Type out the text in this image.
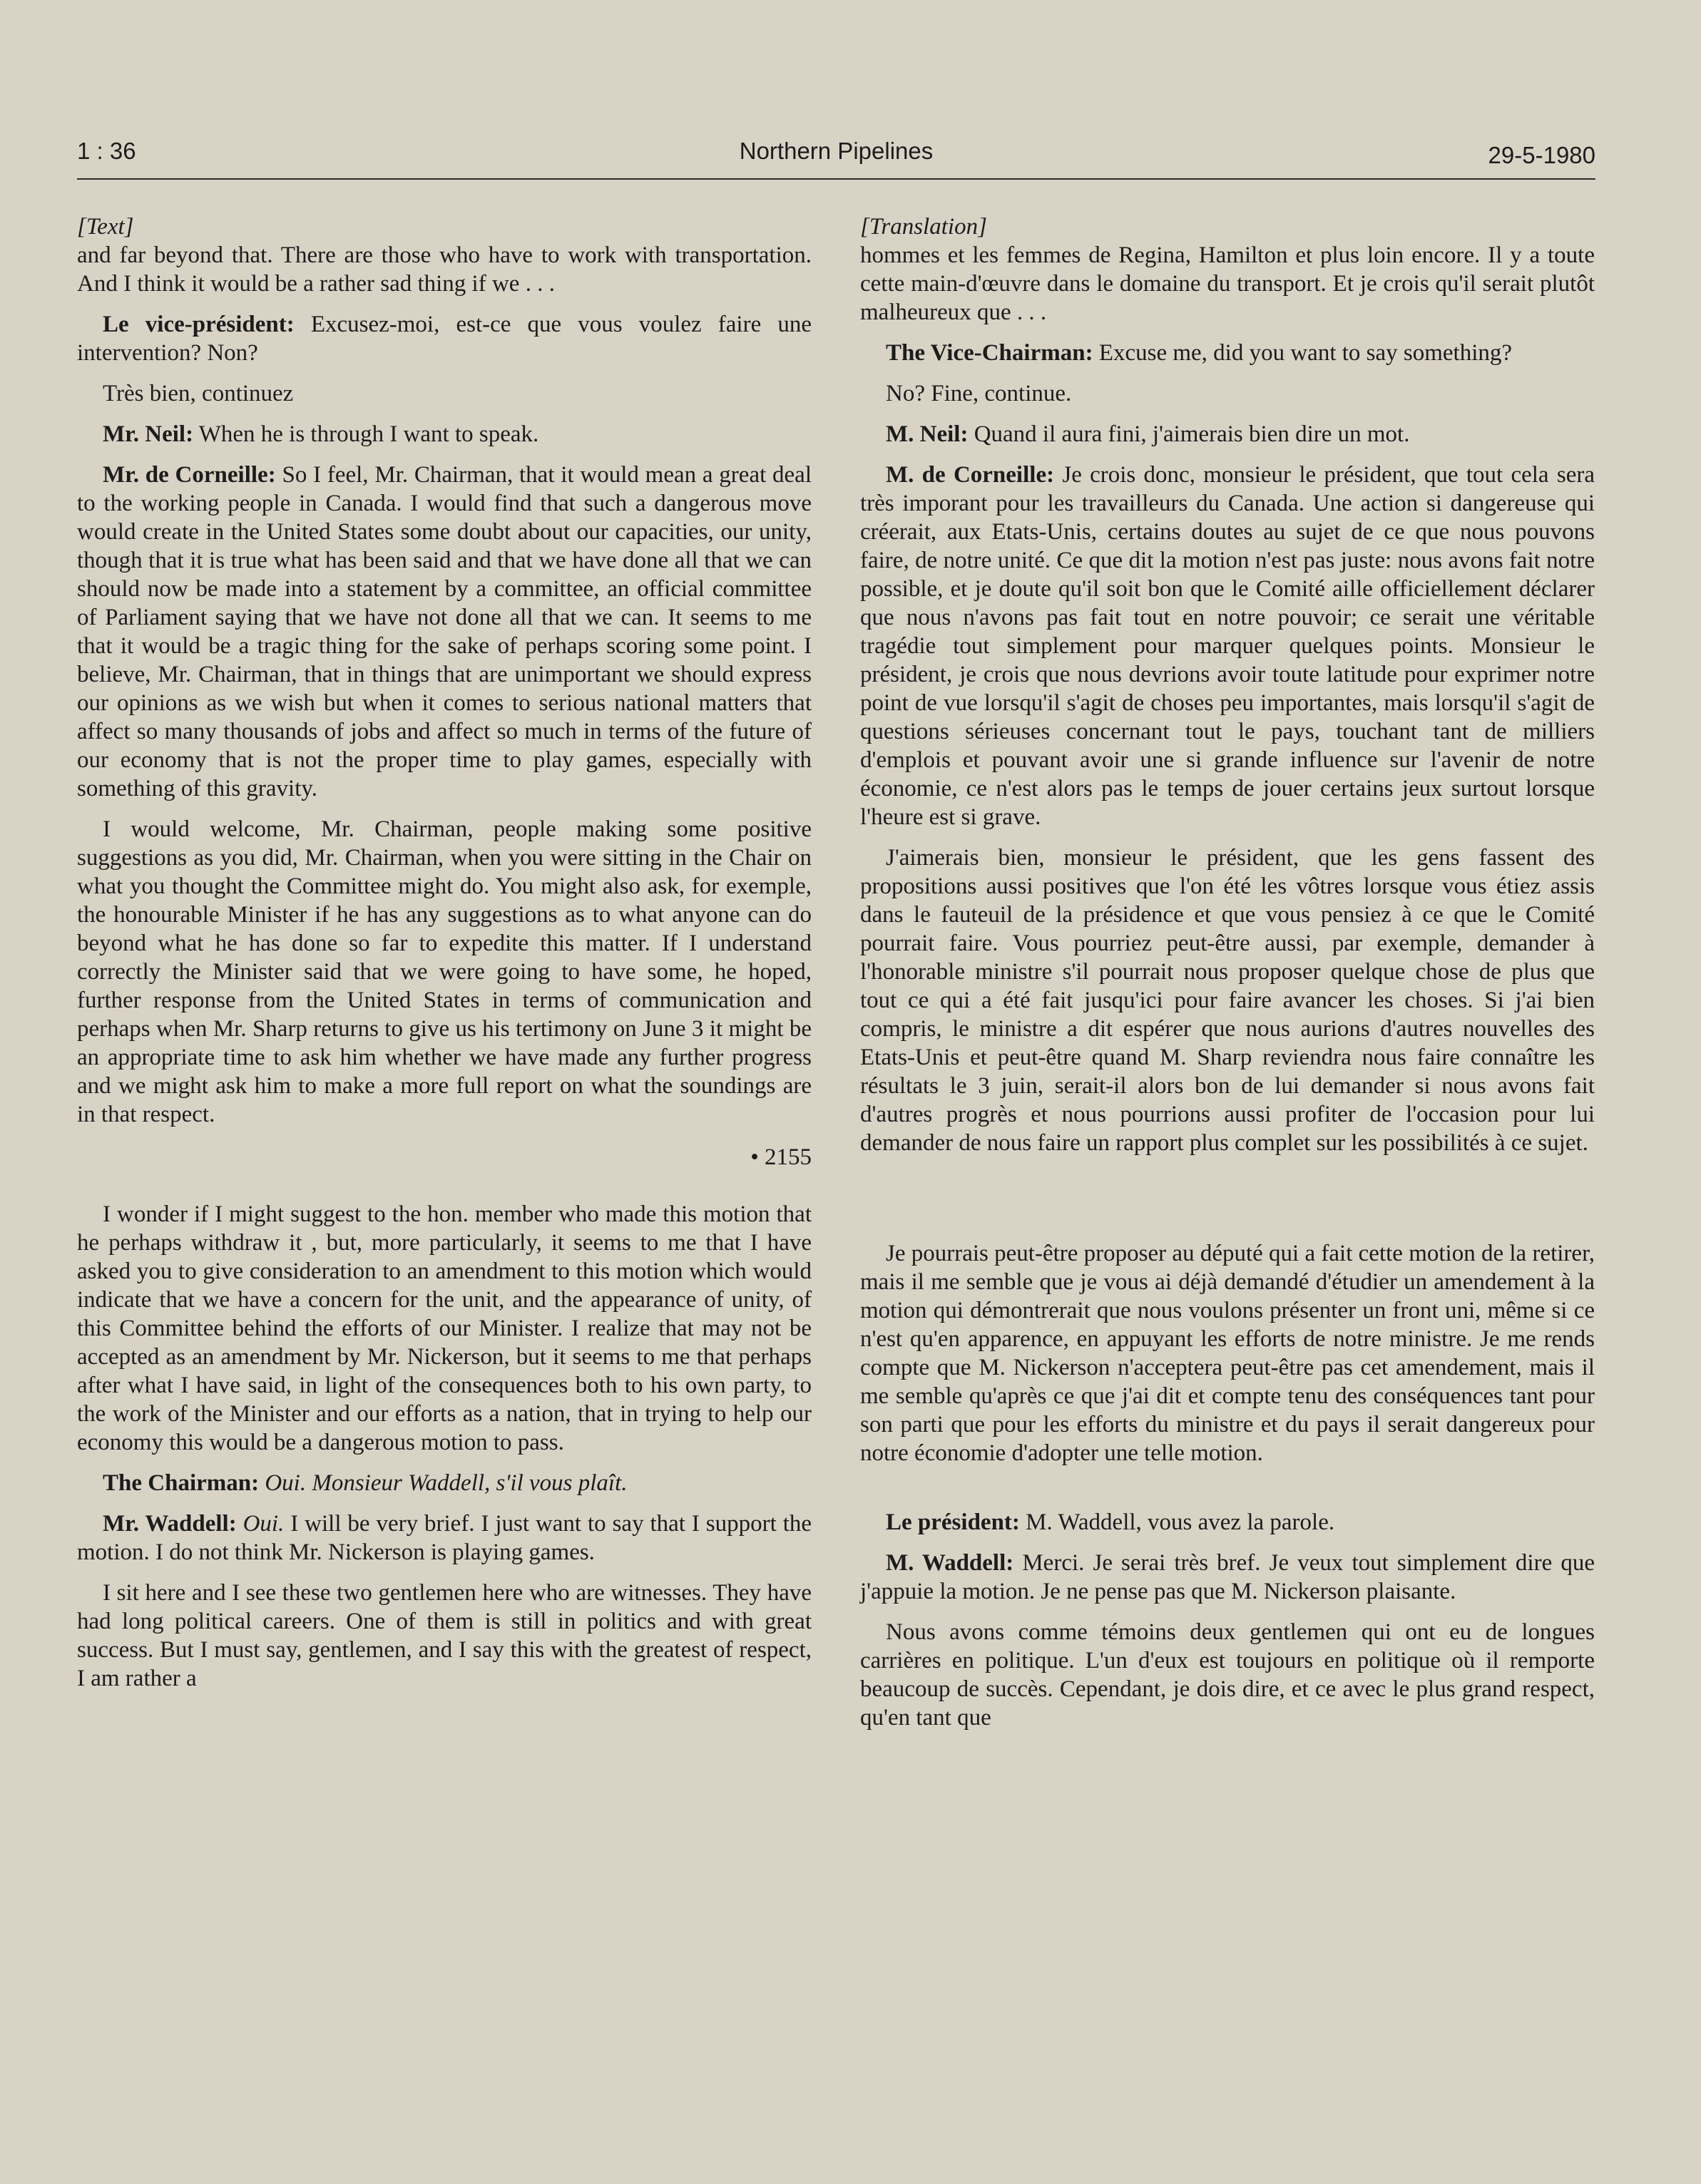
1 : 36	Northern Pipelines	29-5-1980

[Text]

and far beyond that. There are those who have to work with transportation. And I think it would be a rather sad thing if we . . .

Le vice-président: Excusez-moi, est-ce que vous voulez faire une intervention? Non?

Très bien, continuez

Mr. Neil: When he is through I want to speak.

Mr. de Corneille: So I feel, Mr. Chairman, that it would mean a great deal to the working people in Canada. I would find that such a dangerous move would create in the United States some doubt about our capacities, our unity, though that it is true what has been said and that we have done all that we can should now be made into a statement by a committee, an official committee of Parliament saying that we have not done all that we can. It seems to me that it would be a tragic thing for the sake of perhaps scoring some point. I believe, Mr. Chairman, that in things that are unimportant we should express our opinions as we wish but when it comes to serious national matters that affect so many thousands of jobs and affect so much in terms of the future of our economy that is not the proper time to play games, especially with something of this gravity.

I would welcome, Mr. Chairman, people making some positive suggestions as you did, Mr. Chairman, when you were sitting in the Chair on what you thought the Committee might do. You might also ask, for exemple, the honourable Minister if he has any suggestions as to what anyone can do beyond what he has done so far to expedite this matter. If I understand correctly the Minister said that we were going to have some, he hoped, further response from the United States in terms of communication and perhaps when Mr. Sharp returns to give us his tertimony on June 3 it might be an appropriate time to ask him whether we have made any further progress and we might ask him to make a more full report on what the soundings are in that respect.

• 2155

I wonder if I might suggest to the hon. member who made this motion that he perhaps withdraw it , but, more particularly, it seems to me that I have asked you to give consideration to an amendment to this motion which would indicate that we have a concern for the unit, and the appearance of unity, of this Committee behind the efforts of our Minister. I realize that may not be accepted as an amendment by Mr. Nickerson, but it seems to me that perhaps after what I have said, in light of the consequences both to his own party, to the work of the Minister and our efforts as a nation, that in trying to help our economy this would be a dangerous motion to pass.

The Chairman: Oui. Monsieur Waddell, s'il vous plaît.

Mr. Waddell: Oui. I will be very brief. I just want to say that I support the motion. I do not think Mr. Nickerson is playing games.

I sit here and I see these two gentlemen here who are witnesses. They have had long political careers. One of them is still in politics and with great success. But I must say, gentlemen, and I say this with the greatest of respect, I am rather a

[Translation]

hommes et les femmes de Regina, Hamilton et plus loin encore. Il y a toute cette main-d'œuvre dans le domaine du transport. Et je crois qu'il serait plutôt malheureux que . . .

The Vice-Chairman: Excuse me, did you want to say something?

No? Fine, continue.

M. Neil: Quand il aura fini, j'aimerais bien dire un mot.

M. de Corneille: Je crois donc, monsieur le président, que tout cela sera très imporant pour les travailleurs du Canada. Une action si dangereuse qui créerait, aux Etats-Unis, certains doutes au sujet de ce que nous pouvons faire, de notre unité. Ce que dit la motion n'est pas juste: nous avons fait notre possible, et je doute qu'il soit bon que le Comité aille officiellement déclarer que nous n'avons pas fait tout en notre pouvoir; ce serait une véritable tragédie tout simplement pour marquer quelques points. Monsieur le président, je crois que nous devrions avoir toute latitude pour exprimer notre point de vue lorsqu'il s'agit de choses peu importantes, mais lorsqu'il s'agit de questions sérieuses concernant tout le pays, touchant tant de milliers d'emplois et pouvant avoir une si grande influence sur l'avenir de notre économie, ce n'est alors pas le temps de jouer certains jeux surtout lorsque l'heure est si grave.

J'aimerais bien, monsieur le président, que les gens fassent des propositions aussi positives que l'on été les vôtres lorsque vous étiez assis dans le fauteuil de la présidence et que vous pensiez à ce que le Comité pourrait faire. Vous pourriez peut-être aussi, par exemple, demander à l'honorable ministre s'il pourrait nous proposer quelque chose de plus que tout ce qui a été fait jusqu'ici pour faire avancer les choses. Si j'ai bien compris, le ministre a dit espérer que nous aurions d'autres nouvelles des Etats-Unis et peut-être quand M. Sharp reviendra nous faire connaître les résultats le 3 juin, serait-il alors bon de lui demander si nous avons fait d'autres progrès et nous pourrions aussi profiter de l'occasion pour lui demander de nous faire un rapport plus complet sur les possibilités à ce sujet.

Je pourrais peut-être proposer au député qui a fait cette motion de la retirer, mais il me semble que je vous ai déjà demandé d'étudier un amendement à la motion qui démontrerait que nous voulons présenter un front uni, même si ce n'est qu'en apparence, en appuyant les efforts de notre ministre. Je me rends compte que M. Nickerson n'acceptera peut-être pas cet amendement, mais il me semble qu'après ce que j'ai dit et compte tenu des conséquences tant pour son parti que pour les efforts du ministre et du pays il serait dangereux pour notre économie d'adopter une telle motion.

Le président: M. Waddell, vous avez la parole.

M. Waddell: Merci. Je serai très bref. Je veux tout simplement dire que j'appuie la motion. Je ne pense pas que M. Nickerson plaisante.

Nous avons comme témoins deux gentlemen qui ont eu de longues carrières en politique. L'un d'eux est toujours en politique où il remporte beaucoup de succès. Cependant, je dois dire, et ce avec le plus grand respect, qu'en tant que
